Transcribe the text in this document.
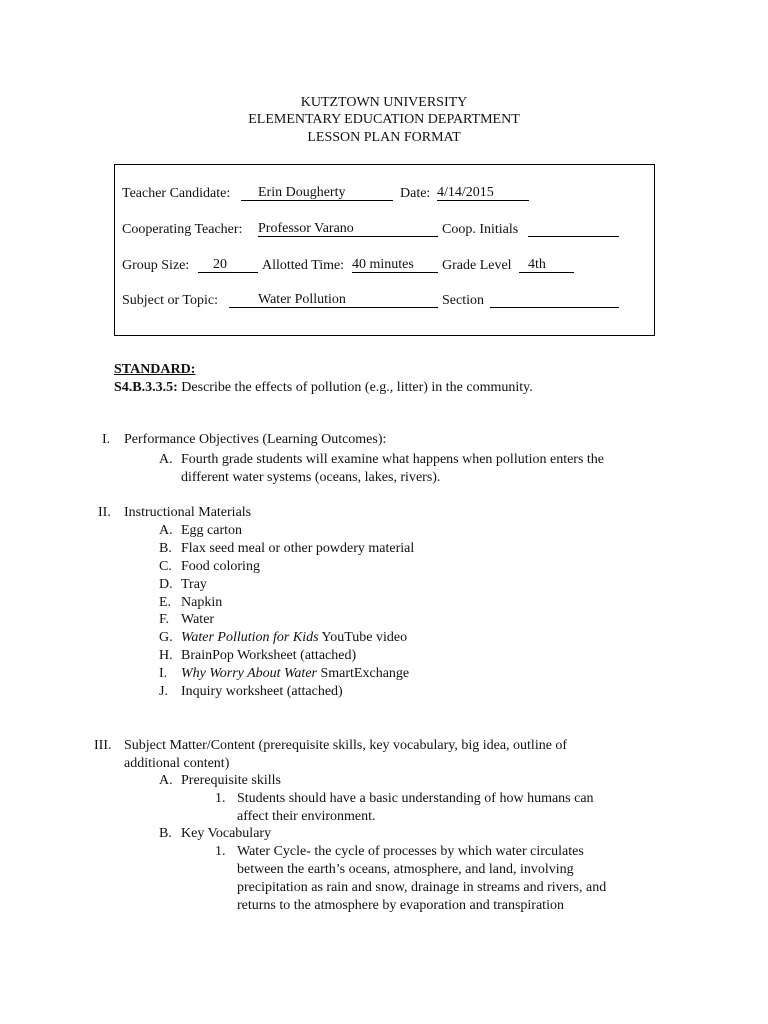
KUTZTOWN UNIVERSITY
ELEMENTARY EDUCATION DEPARTMENT
LESSON PLAN FORMAT
Teacher Candidate:	Erin Dougherty	Date: 4/14/2015
Cooperating Teacher: Professor Varano	Coop. Initials
Group Size:	20	Allotted Time: 40 minutes	Grade Level	4th
Subject or Topic:	Water Pollution	Section
STANDARD:
S4.B.3.3.5: Describe the effects of pollution (e.g., litter) in the community.
I. Performance Objectives (Learning Outcomes):
A. Fourth grade students will examine what happens when pollution enters the
different water systems (oceans, lakes, rivers).
II. Instructional Materials
A. Egg carton
B. Flax seed meal or other powdery material
C. Food coloring
D. Tray
E. Napkin
F. Water
G. Water Pollution for Kids YouTube video
H. BrainPop Worksheet (attached)
I. Why Worry About Water SmartExchange
J. Inquiry worksheet (attached)
III. Subject Matter/Content (prerequisite skills, key vocabulary, big idea, outline of
additional content)
A. Prerequisite skills
1. Students should have a basic understanding of how humans can
affect their environment.
B. Key Vocabulary
1. Water Cycle- the cycle of processes by which water circulates
between the earth’s oceans, atmosphere, and land, involving
precipitation as rain and snow, drainage in streams and rivers, and
returns to the atmosphere by evaporation and transpiration
